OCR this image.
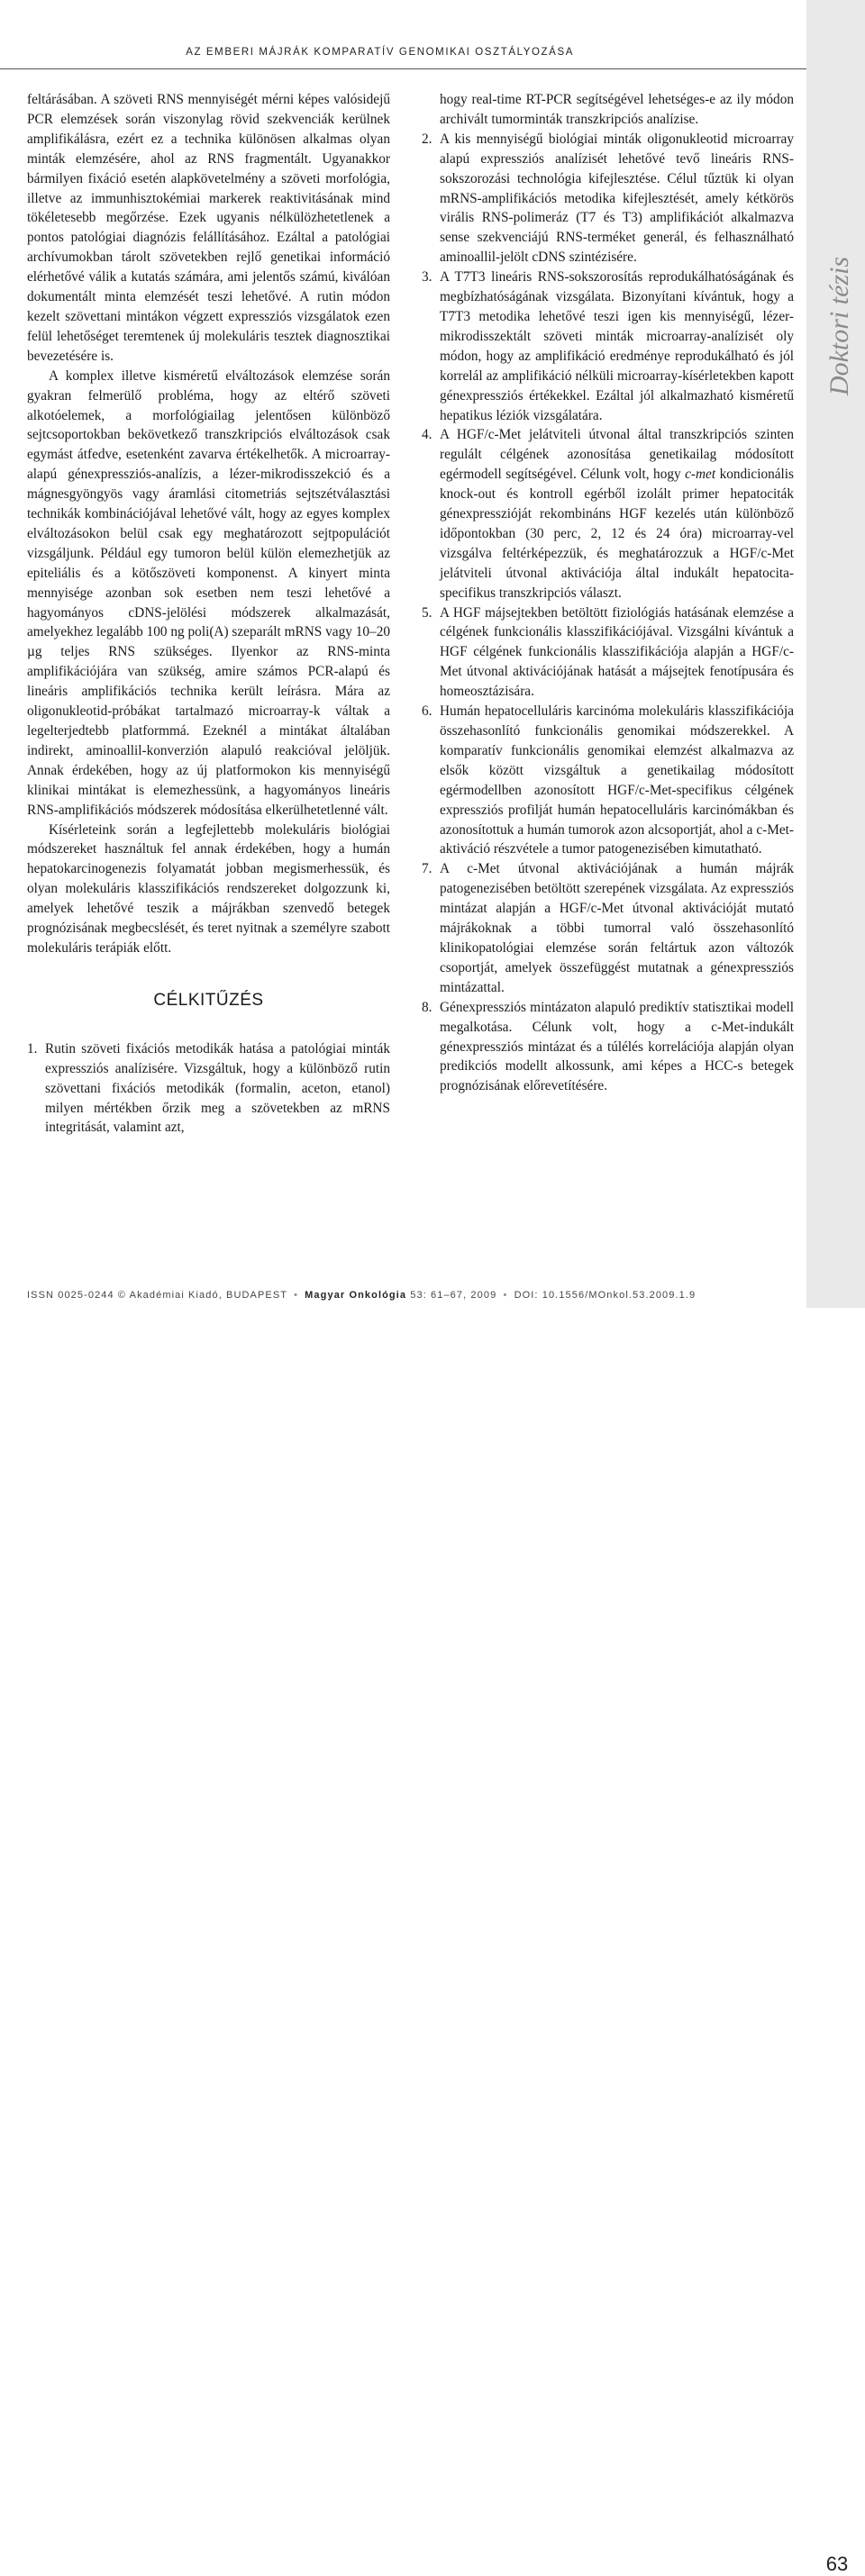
AZ EMBERI MÁJRÁK KOMPARATÍV GENOMIKAI OSZTÁLYOZÁSA

Doktori tézis

feltárásában. A szöveti RNS mennyiségét mérni képes valósidejű PCR elemzések során viszonylag rövid szekvenciák kerülnek amplifikálásra, ezért ez a technika különösen alkalmas olyan minták elemzésére, ahol az RNS fragmentált. Ugyanakkor bármilyen fixáció esetén alapkövetelmény a szöveti morfológia, illetve az immunhisztokémiai markerek reaktivitásának mind tökéletesebb megőrzése. Ezek ugyanis nélkülözhetetlenek a pontos patológiai diagnózis felállításához. Ezáltal a patológiai archívumokban tárolt szövetekben rejlő genetikai információ elérhetővé válik a kutatás számára, ami jelentős számú, kiválóan dokumentált minta elemzését teszi lehetővé. A rutin módon kezelt szövettani mintákon végzett expressziós vizsgálatok ezen felül lehetőséget teremtenek új molekuláris tesztek diagnosztikai bevezetésére is.

A komplex illetve kisméretű elváltozások elemzése során gyakran felmerülő probléma, hogy az eltérő szöveti alkotóelemek, a morfológiailag jelentősen különböző sejtcsoportokban bekövetkező transzkripciós elváltozások csak egymást átfedve, esetenként zavarva értékelhetők. A microarray-alapú génexpressziós-analízis, a lézer-mikrodisszekció és a mágnesgyöngyös vagy áramlási citometriás sejtszétválasztási technikák kombinációjával lehetővé vált, hogy az egyes komplex elváltozásokon belül csak egy meghatározott sejtpopulációt vizsgáljunk. Például egy tumoron belül külön elemezhetjük az epiteliális és a kötőszöveti komponenst. A kinyert minta mennyisége azonban sok esetben nem teszi lehetővé a hagyományos cDNS-jelölési módszerek alkalmazását, amelyekhez legalább 100 ng poli(A) szeparált mRNS vagy 10–20 µg teljes RNS szükséges. Ilyenkor az RNS-minta amplifikációjára van szükség, amire számos PCR-alapú és lineáris amplifikációs technika került leírásra. Mára az oligonukleotid-próbákat tartalmazó microarray-k váltak a legelterjedtebb platformmá. Ezeknél a mintákat általában indirekt, aminoallil-konverzión alapuló reakcióval jelöljük. Annak érdekében, hogy az új platformokon kis mennyiségű klinikai mintákat is elemezhessünk, a hagyományos lineáris RNS-amplifikációs módszerek módosítása elkerülhetetlenné vált.

Kísérleteink során a legfejlettebb molekuláris biológiai módszereket használtuk fel annak érdekében, hogy a humán hepatokarcinogenezis folyamatát jobban megismerhessük, és olyan molekuláris klasszifikációs rendszereket dolgozzunk ki, amelyek lehetővé teszik a májrákban szenvedő betegek prognózisának megbecslését, és teret nyitnak a személyre szabott molekuláris terápiák előtt.

CÉLKITŰZÉS
1. Rutin szöveti fixációs metodikák hatása a patológiai minták expressziós analízisére. Vizsgáltuk, hogy a különböző rutin szövettani fixációs metodikák (formalin, aceton, etanol) milyen mértékben őrzik meg a szövetekben az mRNS integritását, valamint azt,

hogy real-time RT-PCR segítségével lehetséges-e az ily módon archivált tumorminták transzkripciós analízise.

2. A kis mennyiségű biológiai minták oligonukleotid microarray alapú expressziós analízisét lehetővé tevő lineáris RNS-sokszorozási technológia kifejlesztése. Célul tűztük ki olyan mRNS-amplifikációs metodika kifejlesztését, amely kétkörös virális RNS-polimeráz (T7 és T3) amplifikációt alkalmazva sense szekvenciájú RNS-terméket generál, és felhasználható aminoallil-jelölt cDNS szintézisére.
3. A T7T3 lineáris RNS-sokszorosítás reprodukálhatóságának és megbízhatóságának vizsgálata. Bizonyítani kívántuk, hogy a T7T3 metodika lehetővé teszi igen kis mennyiségű, lézer-mikrodisszektált szöveti minták microarray-analízisét oly módon, hogy az amplifikáció eredménye reprodukálható és jól korrelál az amplifikáció nélküli microarray-kísérletekben kapott génexpressziós értékekkel. Ezáltal jól alkalmazható kisméretű hepatikus léziók vizsgálatára.
4. A HGF/c-Met jelátviteli útvonal által transzkripciós szinten regulált célgének azonosítása genetikailag módosított egérmodell segítségével. Célunk volt, hogy c-met kondicionális knock-out és kontroll egérből izolált primer hepatociták génexpresszióját rekombináns HGF kezelés után különböző időpontokban (30 perc, 2, 12 és 24 óra) microarray-vel vizsgálva feltérképezzük, és meghatározzuk a HGF/c-Met jelátviteli útvonal aktivációja által indukált hepatocita-specifikus transzkripciós választ.
5. A HGF májsejtekben betöltött fiziológiás hatásának elemzése a célgének funkcionális klasszifikációjával. Vizsgálni kívántuk a HGF célgének funkcionális klasszifikációja alapján a HGF/c-Met útvonal aktivációjának hatását a májsejtek fenotípusára és homeosztázisára.
6. Humán hepatocelluláris karcinóma molekuláris klasszifikációja összehasonlító funkcionális genomikai módszerekkel. A komparatív funkcionális genomikai elemzést alkalmazva az elsők között vizsgáltuk a genetikailag módosított egérmodellben azonosított HGF/c-Met-specifikus célgének expressziós profilját humán hepatocelluláris karcinómákban és azonosítottuk a humán tumorok azon alcsoportját, ahol a c-Met-aktiváció részvétele a tumor patogenezisében kimutatható.
7. A c-Met útvonal aktivációjának a humán májrák patogenezisében betöltött szerepének vizsgálata. Az expressziós mintázat alapján a HGF/c-Met útvonal aktivációját mutató májrákoknak a többi tumorral való összehasonlító klinikopatológiai elemzése során feltártuk azon változók csoportját, amelyek összefüggést mutatnak a génexpressziós mintázattal.
8. Génexpressziós mintázaton alapuló prediktív statisztikai modell megalkotása. Célunk volt, hogy a c-Met-indukált génexpressziós mintázat és a túlélés korrelációja alapján olyan predikciós modellt alkossunk, ami képes a HCC-s betegek prognózisának előrevetítésére.
ISSN 0025-0244 © Akadémiai Kiadó, BUDAPEST • Magyar Onkológia 53: 61–67, 2009 • DOI: 10.1556/MOnkol.53.2009.1.9
63
